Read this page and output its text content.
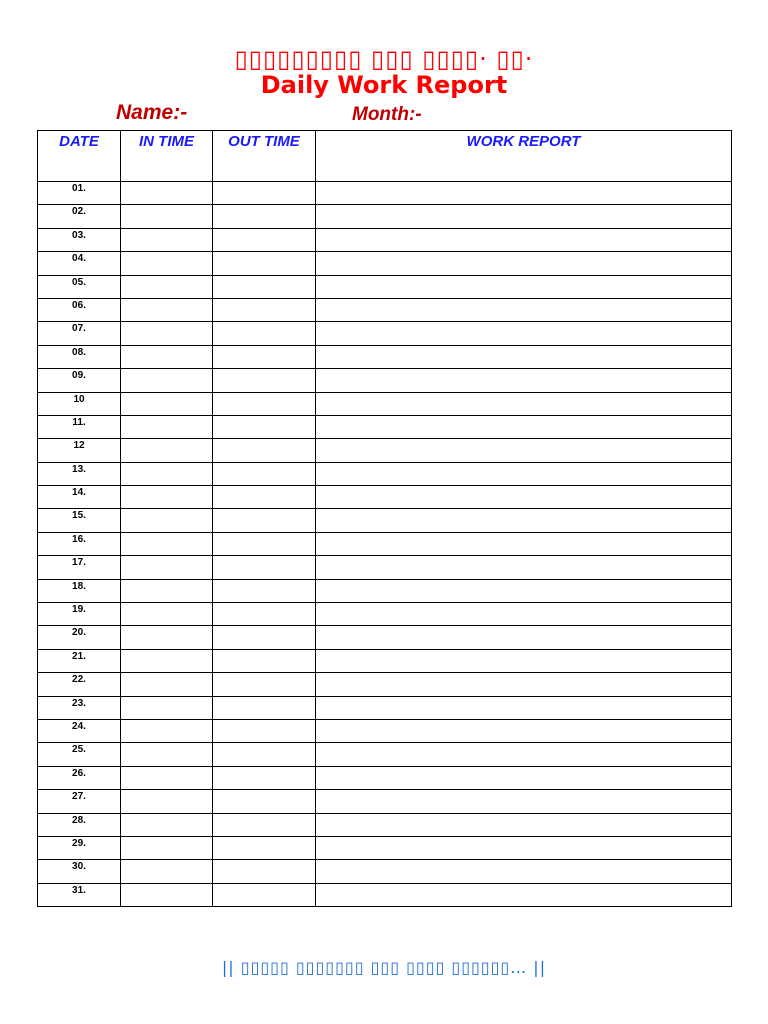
▯▯▯▯▯▯▯▯▯ ▯▯▯ ▯▯▯▯· ▯▯·
Daily Work Report
Name:-	Month:-
DATE	IN TIME	OUT TIME	WORK REPORT
01.			
02.			
03.			
04.			
05.			
06.			
07.			
08.			
09.			
10			
11.			
12			
13.			
14.			
15.			
16.			
17.			
18.			
19.			
20.			
21.			
22.			
23.			
24.			
25.			
26.			
27.			
28.			
29.			
30.			
31.			
|| ▯▯▯▯▯ ▯▯▯▯▯▯▯ ▯▯▯ ▯▯▯▯ ▯▯▯▯▯▯… ||
